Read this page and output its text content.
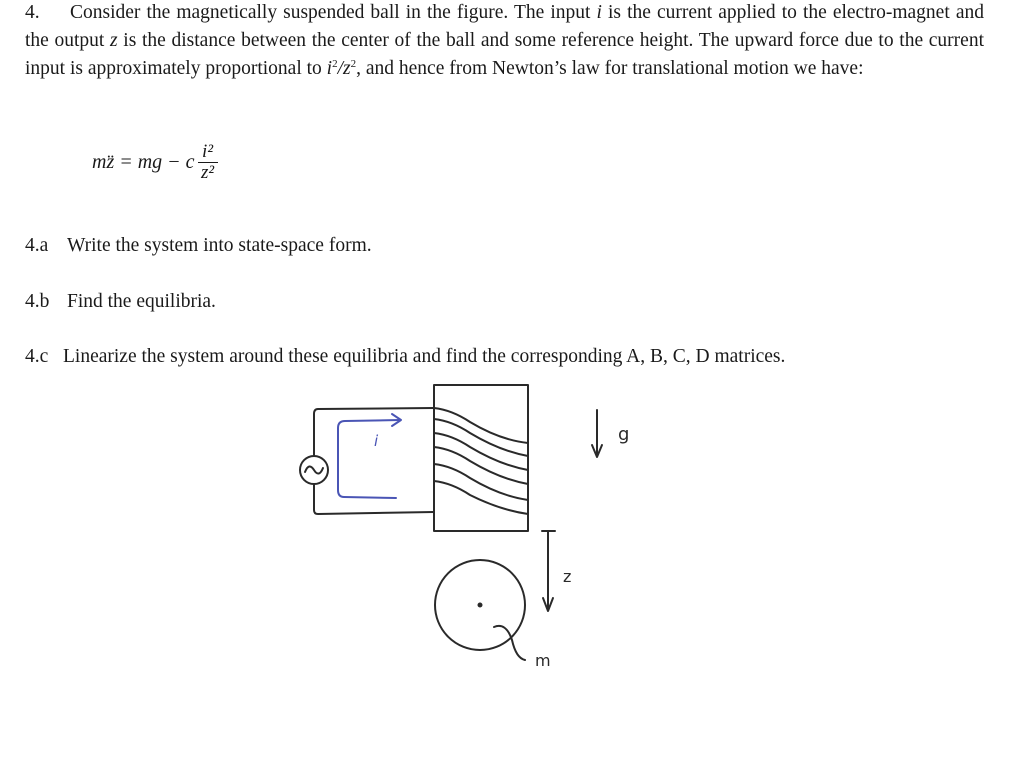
4. Consider the magnetically suspended ball in the figure. The input i is the current applied to the electro-magnet and the output z is the distance between the center of the ball and some reference height. The upward force due to the current input is approximately proportional to $i^2/z^2$, and hence from Newton’s law for translational motion we have:
mz̈ = mg − c $\frac{\text{i²}}{\text{z²}}$
4.a Write the system into state-space form.
4.b Find the equilibria.
4.c Linearize the system around these equilibria and find the corresponding A, B, C, D matrices.
i	g
z
m
